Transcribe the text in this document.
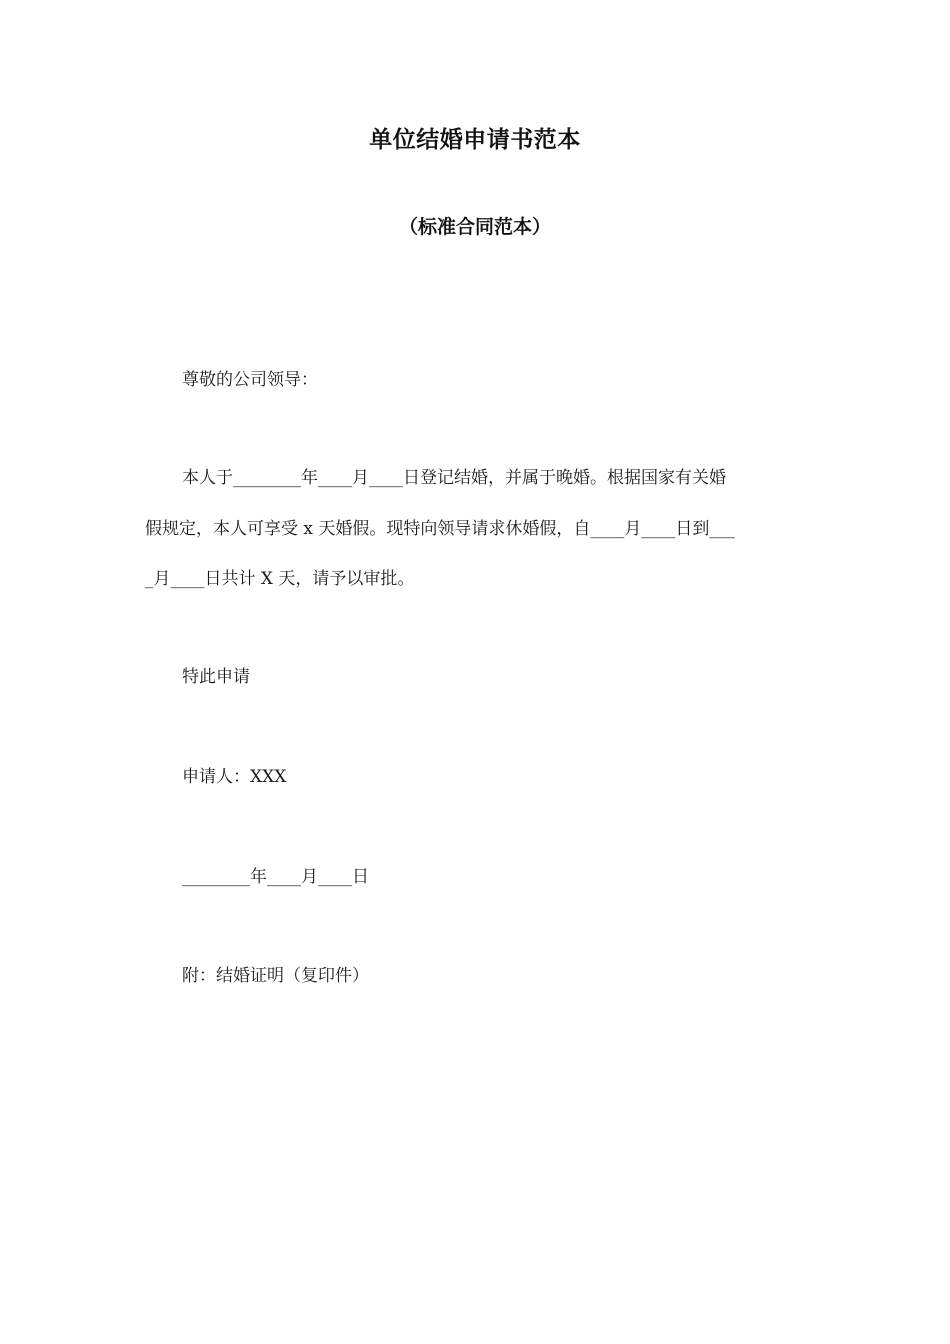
单位结婚申请书范本
（标准合同范本）
尊敬的公司领导：
本人于________年____月____日登记结婚，并属于晚婚。根据国家有关婚
假规定，本人可享受 x 天婚假。现特向领导请求休婚假，自____月____日到___
_月____日共计 X 天，请予以审批。
特此申请
申请人：XXX
________年____月____日
附：结婚证明（复印件）
